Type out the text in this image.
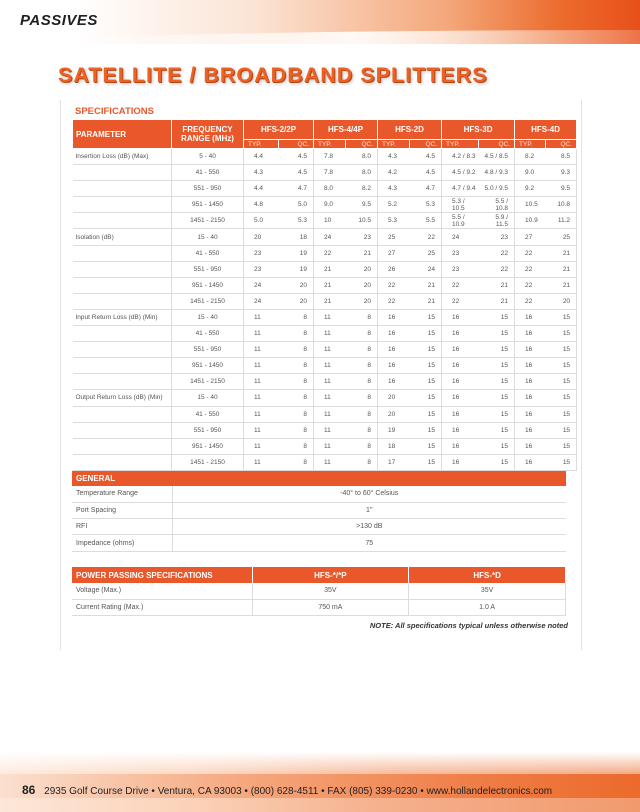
PASSIVES
SATELLITE / BROADBAND SPLITTERS
SPECIFICATIONS
PARAMETER	FREQUENCY RANGE (MHz)	HFS-2/2P		HFS-4/4P		HFS-2D		HFS-3D		HFS-4D	
		TYP.	QC.	TYP.	QC.	TYP.	QC.	TYP.	QC.	TYP.	QC.
Insertion Loss (dB) (Max)	5 - 40	4.4	4.5	7.8	8.0	4.3	4.5	4.2 / 8.3	4.5 / 8.5	8.2	8.5
	41 - 550	4.3	4.5	7.8	8.0	4.2	4.5	4.5 / 9.2	4.8 / 9.3	9.0	9.3
	551 - 950	4.4	4.7	8.0	8.2	4.3	4.7	4.7 / 9.4	5.0 / 9.5	9.2	9.5
	951 - 1450	4.8	5.0	9.0	9.5	5.2	5.3	5.3 / 10.5	5.5 / 10.8	10.5	10.8
	1451 - 2150	5.0	5.3	10	10.5	5.3	5.5	5.5 / 10.9	5.9 / 11.5	10.9	11.2
Isolation (dB)	15 - 40	20	18	24	23	25	22	24	23	27	25
	41 - 550	23	19	22	21	27	25	23	22	22	21
	551 - 950	23	19	21	20	26	24	23	22	22	21
	951 - 1450	24	20	21	20	22	21	22	21	22	21
	1451 - 2150	24	20	21	20	22	21	22	21	22	20
Input Return Loss (dB) (Min)	15 - 40	11	8	11	8	16	15	16	15	16	15
	41 - 550	11	8	11	8	16	15	16	15	16	15
	551 - 950	11	8	11	8	16	15	16	15	16	15
	951 - 1450	11	8	11	8	16	15	16	15	16	15
	1451 - 2150	11	8	11	8	16	15	16	15	16	15
Output Return Loss (dB) (Min)	15 - 40	11	8	11	8	20	15	16	15	16	15
	41 - 550	11	8	11	8	20	15	16	15	16	15
	551 - 950	11	8	11	8	19	15	16	15	16	15
	951 - 1450	11	8	11	8	18	15	16	15	16	15
	1451 - 2150	11	8	11	8	17	15	16	15	16	15
GENERAL
Temperature Range	-40° to 60° Celsius
Port Spacing	1"
RFI	>130 dB
Impedance (ohms)	75
POWER PASSING SPECIFICATIONS	HFS-*/*P	HFS-*D
Voltage (Max.)	35V	35V
Current Rating (Max.)	750 mA	1.0 A
NOTE: All specifications typical unless otherwise noted
86 2935 Golf Course Drive • Ventura, CA 93003 • (800) 628-4511 • FAX (805) 339-0230 • www.hollandelectronics.com
